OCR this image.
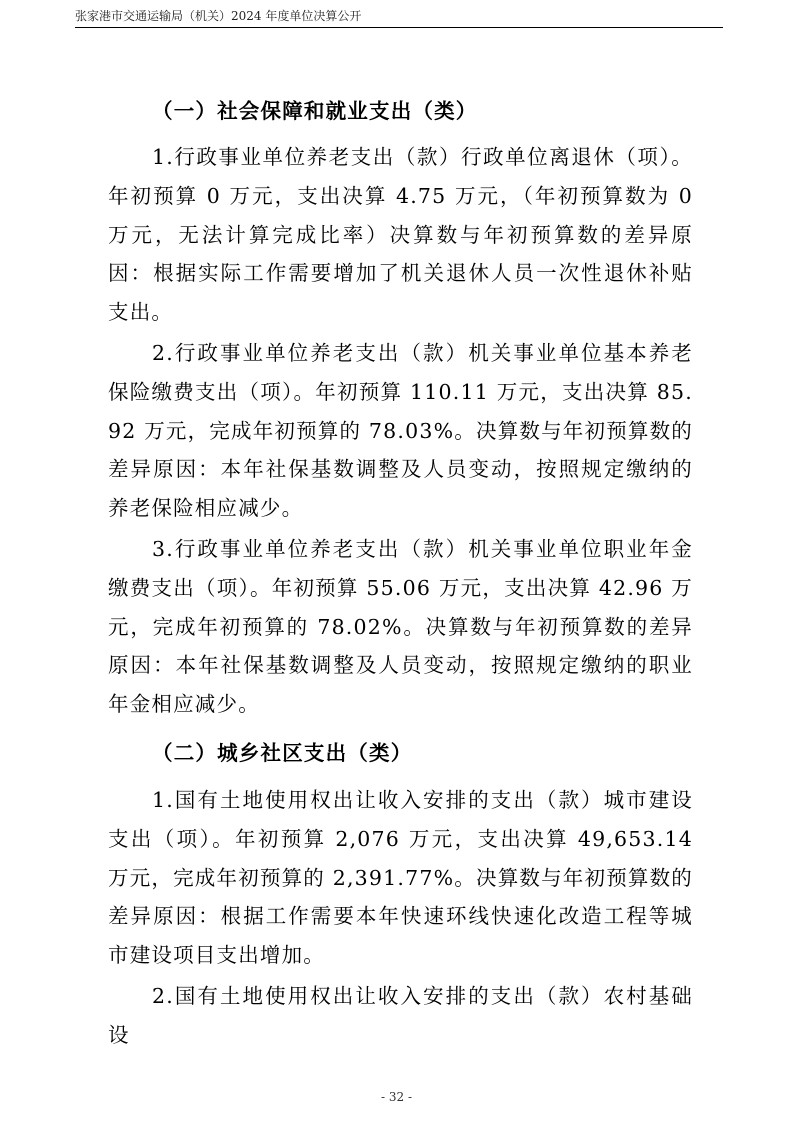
张家港市交通运输局（机关）2024 年度单位决算公开

（一）社会保障和就业支出（类）

1.行政事业单位养老支出（款）行政单位离退休（项）。年初预算 0 万元，支出决算 4.75 万元，（年初预算数为 0 万元，无法计算完成比率）决算数与年初预算数的差异原因：根据实际工作需要增加了机关退休人员一次性退休补贴支出。

2.行政事业单位养老支出（款）机关事业单位基本养老保险缴费支出（项）。年初预算 110.11 万元，支出决算 85.92 万元，完成年初预算的 78.03%。决算数与年初预算数的差异原因：本年社保基数调整及人员变动，按照规定缴纳的养老保险相应减少。

3.行政事业单位养老支出（款）机关事业单位职业年金缴费支出（项）。年初预算 55.06 万元，支出决算 42.96 万元，完成年初预算的 78.02%。决算数与年初预算数的差异原因：本年社保基数调整及人员变动，按照规定缴纳的职业年金相应减少。

（二）城乡社区支出（类）

1.国有土地使用权出让收入安排的支出（款）城市建设支出（项）。年初预算 2,076 万元，支出决算 49,653.14 万元，完成年初预算的 2,391.77%。决算数与年初预算数的差异原因：根据工作需要本年快速环线快速化改造工程等城市建设项目支出增加。

2.国有土地使用权出让收入安排的支出（款）农村基础设

- 32 -
